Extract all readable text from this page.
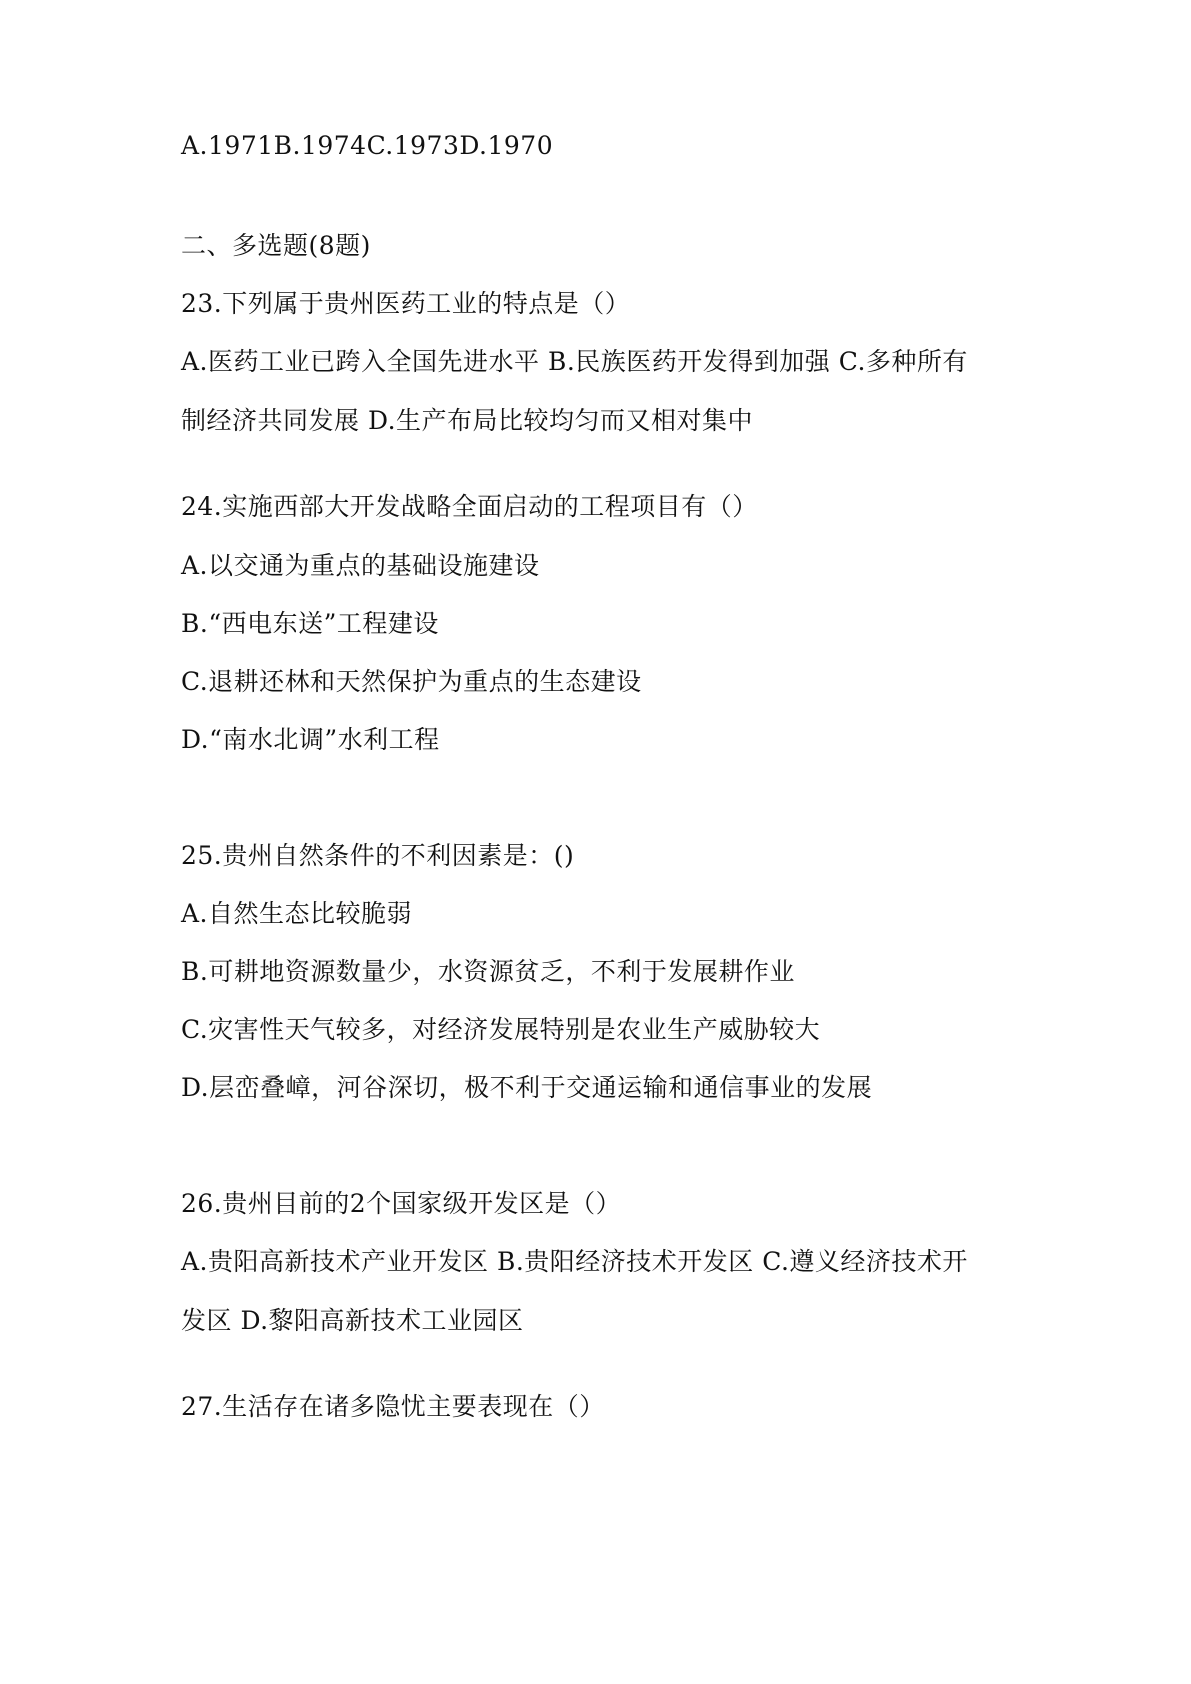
A.1971B.1974C.1973D.1970
二、多选题(8题)
23.下列属于贵州医药工业的特点是（）
A.医药工业已跨入全国先进水平 B.民族医药开发得到加强 C.多种所有
制经济共同发展 D.生产布局比较均匀而又相对集中
24.实施西部大开发战略全面启动的工程项目有（）
A.以交通为重点的基础设施建设
B.“西电东送”工程建设
C.退耕还林和天然保护为重点的生态建设
D.“南水北调”水利工程
25.贵州自然条件的不利因素是：()
A.自然生态比较脆弱
B.可耕地资源数量少，水资源贫乏，不利于发展耕作业
C.灾害性天气较多，对经济发展特别是农业生产威胁较大
D.层峦叠嶂，河谷深切，极不利于交通运输和通信事业的发展
26.贵州目前的2个国家级开发区是（）
A.贵阳高新技术产业开发区 B.贵阳经济技术开发区 C.遵义经济技术开
发区 D.黎阳高新技术工业园区
27.生活存在诸多隐忧主要表现在（）
